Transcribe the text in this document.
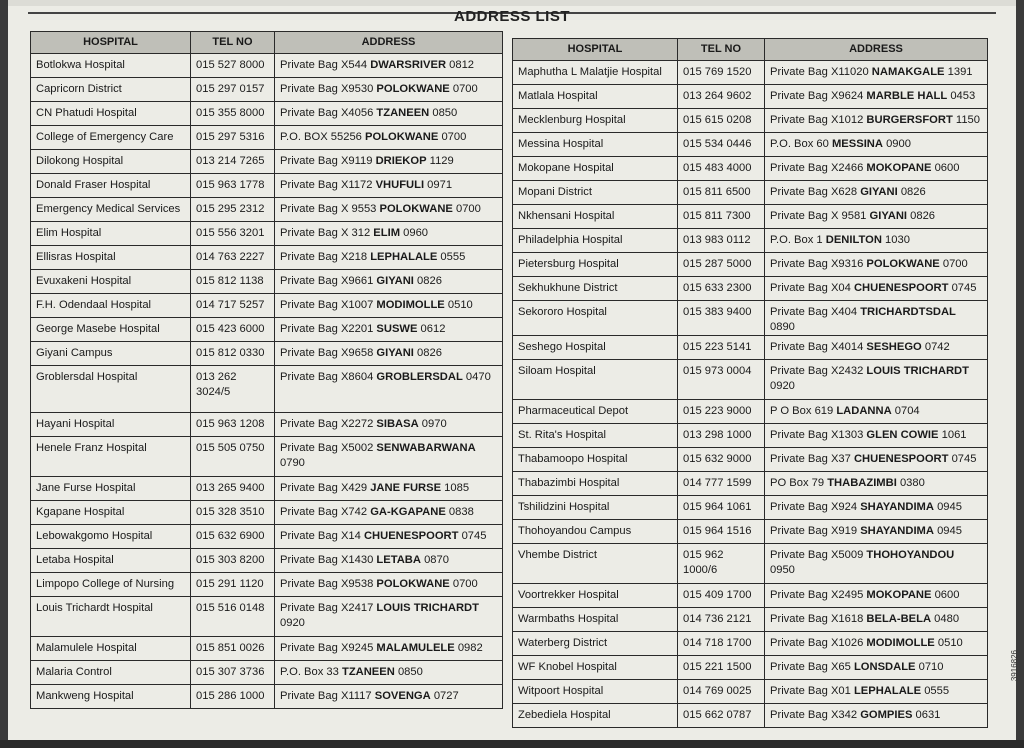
ADDRESS LIST
HOSPITAL	TEL NO	ADDRESS
Botlokwa Hospital	015 527 8000	Private Bag X544 DWARSRIVER 0812
Capricorn District	015 297 0157	Private Bag X9530 POLOKWANE 0700
CN Phatudi Hospital	015 355 8000	Private Bag X4056 TZANEEN 0850
College of Emergency Care	015 297 5316	P.O. BOX 55256 POLOKWANE 0700
Dilokong Hospital	013 214 7265	Private Bag X9119 DRIEKOP 1129
Donald Fraser Hospital	015 963 1778	Private Bag X1172 VHUFULI 0971
Emergency Medical Services	015 295 2312	Private Bag X 9553 POLOKWANE 0700
Elim Hospital	015 556 3201	Private Bag X 312 ELIM 0960
Ellisras Hospital	014 763 2227	Private Bag X218 LEPHALALE 0555
Evuxakeni Hospital	015 812 1138	Private Bag X9661 GIYANI 0826
F.H. Odendaal Hospital	014 717 5257	Private Bag X1007 MODIMOLLE 0510
George Masebe Hospital	015 423 6000	Private Bag X2201 SUSWE 0612
Giyani Campus	015 812 0330	Private Bag X9658 GIYANI 0826
Groblersdal Hospital	013 262 3024/5	Private Bag X8604 GROBLERSDAL 0470
Hayani Hospital	015 963 1208	Private Bag X2272 SIBASA 0970
Henele Franz Hospital	015 505 0750	Private Bag X5002 SENWABARWANA 0790
Jane Furse Hospital	013 265 9400	Private Bag X429 JANE FURSE 1085
Kgapane Hospital	015 328 3510	Private Bag X742 GA-KGAPANE 0838
Lebowakgomo Hospital	015 632 6900	Private Bag X14 CHUENESPOORT 0745
Letaba Hospital	015 303 8200	Private Bag X1430 LETABA 0870
Limpopo College of Nursing	015 291 1120	Private Bag X9538 POLOKWANE 0700
Louis Trichardt Hospital	015 516 0148	Private Bag X2417 LOUIS TRICHARDT 0920
Malamulele Hospital	015 851 0026	Private Bag X9245 MALAMULELE 0982
Malaria Control	015 307 3736	P.O. Box 33 TZANEEN 0850
Mankweng Hospital	015 286 1000	Private Bag X1117 SOVENGA 0727
HOSPITAL	TEL NO	ADDRESS
Maphutha L Malatjie Hospital	015 769 1520	Private Bag X11020 NAMAKGALE 1391
Matlala Hospital	013 264 9602	Private Bag X9624 MARBLE HALL 0453
Mecklenburg Hospital	015 615 0208	Private Bag X1012 BURGERSFORT 1150
Messina Hospital	015 534 0446	P.O. Box 60 MESSINA 0900
Mokopane Hospital	015 483 4000	Private Bag X2466 MOKOPANE 0600
Mopani District	015 811 6500	Private Bag X628 GIYANI 0826
Nkhensani Hospital	015 811 7300	Private Bag X 9581 GIYANI 0826
Philadelphia Hospital	013 983 0112	P.O. Box 1 DENILTON 1030
Pietersburg Hospital	015 287 5000	Private Bag X9316 POLOKWANE 0700
Sekhukhune District	015 633 2300	Private Bag X04 CHUENESPOORT 0745
Sekororo Hospital	015 383 9400	Private Bag X404 TRICHARDTSDAL 0890
Seshego Hospital	015 223 5141	Private Bag X4014 SESHEGO 0742
Siloam Hospital	015 973 0004	Private Bag X2432 LOUIS TRICHARDT 0920
Pharmaceutical Depot	015 223 9000	P O Box 619 LADANNA 0704
St. Rita's Hospital	013 298 1000	Private Bag X1303 GLEN COWIE 1061
Thabamoopo Hospital	015 632 9000	Private Bag X37 CHUENESPOORT 0745
Thabazimbi Hospital	014 777 1599	PO Box 79 THABAZIMBI 0380
Tshilidzini Hospital	015 964 1061	Private Bag X924 SHAYANDIMA 0945
Thohoyandou Campus	015 964 1516	Private Bag X919 SHAYANDIMA 0945
Vhembe District	015 962 1000/6	Private Bag X5009 THOHOYANDOU 0950
Voortrekker Hospital	015 409 1700	Private Bag X2495 MOKOPANE 0600
Warmbaths Hospital	014 736 2121	Private Bag X1618 BELA-BELA 0480
Waterberg District	014 718 1700	Private Bag X1026 MODIMOLLE 0510
WF Knobel Hospital	015 221 1500	Private Bag X65 LONSDALE 0710
Witpoort Hospital	014 769 0025	Private Bag X01 LEPHALALE 0555
Zebediela Hospital	015 662 0787	Private Bag X342 GOMPIES 0631
3916826
